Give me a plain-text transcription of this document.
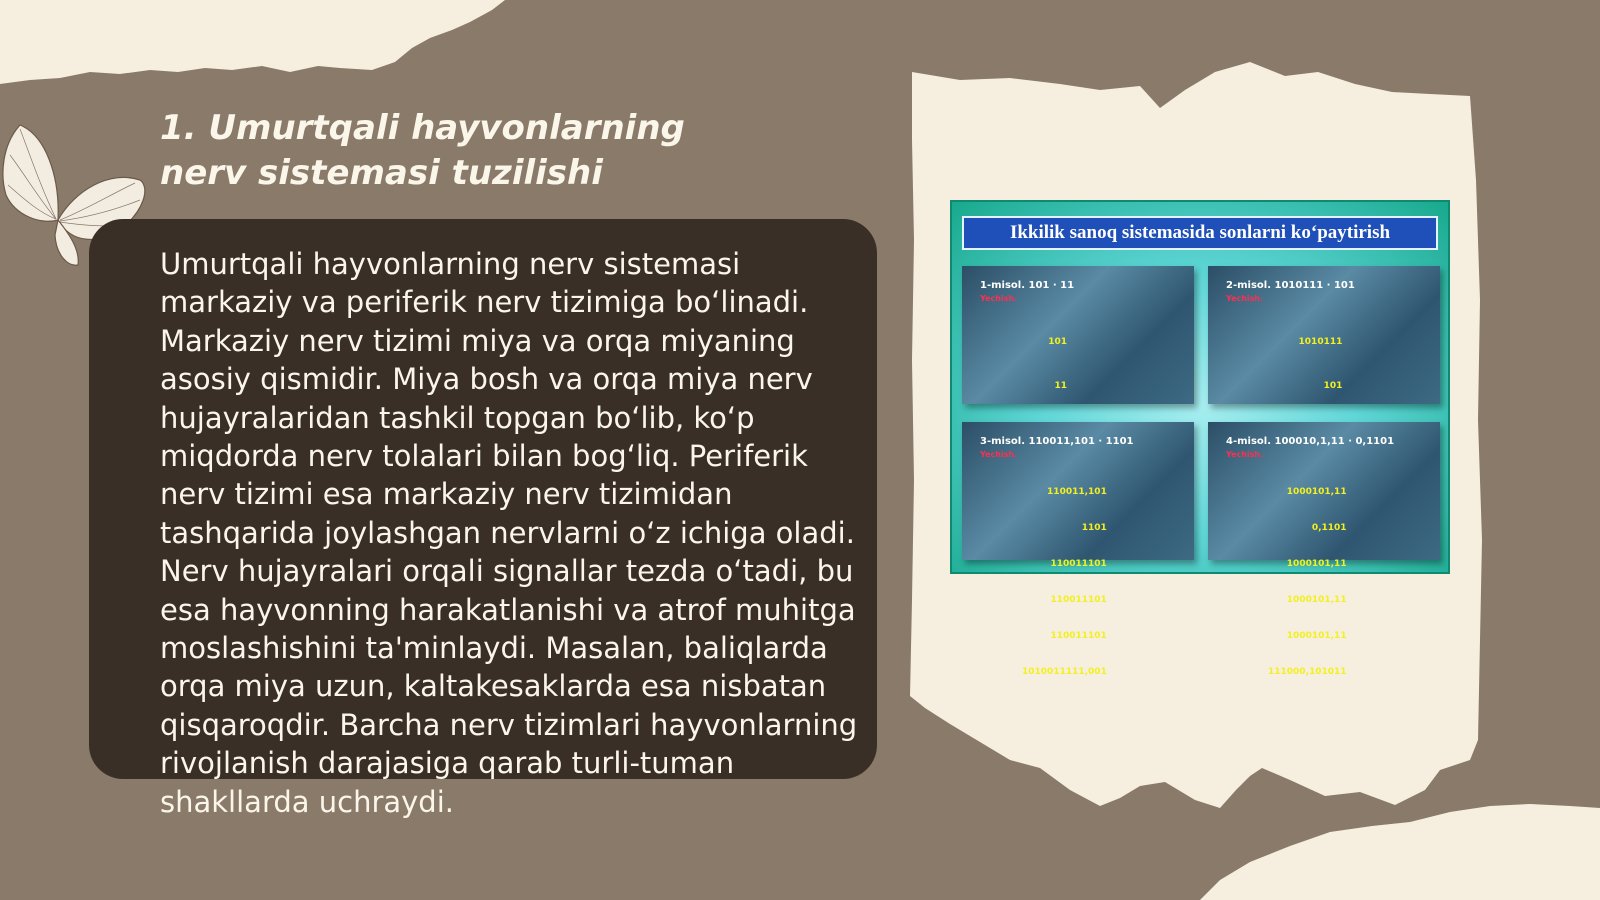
1. Umurtqali hayvonlarning nerv sistemasi tuzilishi

Umurtqali hayvonlarning nerv sistemasi markaziy va periferik nerv tizimiga bo‘linadi. Markaziy nerv tizimi miya va orqa miyaning asosiy qismidir. Miya bosh va orqa miya nerv hujayralaridan tashkil topgan bo‘lib, ko‘p miqdorda nerv tolalari bilan bog‘liq. Periferik nerv tizimi esa markaziy nerv tizimidan tashqarida joylashgan nervlarni o‘z ichiga oladi. Nerv hujayralari orqali signallar tezda o‘tadi, bu esa hayvonning harakatlanishi va atrof muhitga moslashishini ta'minlaydi. Masalan, baliqlarda orqa miya uzun, kaltakesaklarda esa nisbatan qisqaroqdir. Barcha nerv tizimlari hayvonlarning rivojlanish darajasiga qarab turli-tuman shakllarda uchraydi.

Ikkilik sanoq sistemasida sonlarni ko‘paytirish
1-misol. 101 · 11
Yechish.

101

11

2-misol. 1010111 · 101
Yechish.

1010111

101

3-misol. 110011,101 · 1101
Yechish.

110011,101

1101

110011101

110011101

110011101

1010011111,001

4-misol. 100010,1,11 · 0,1101
Yechish.

1000101,11

0,1101

1000101,11

1000101,11

1000101,11

111000,101011
